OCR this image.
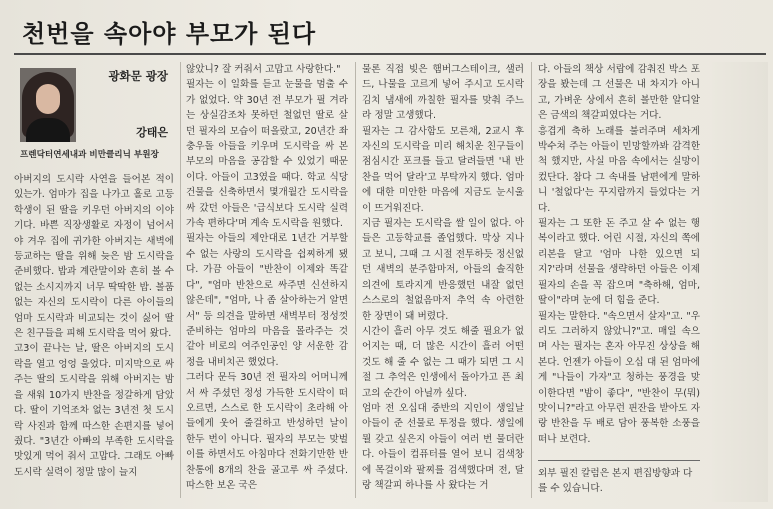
천번을 속아야 부모가 된다
광화문 광장
강태은
프렌닥터연세내과 비만클리닉 부원장

아버지의 도시락 사연을 들어본 적이 있는가. 엄마가 집을 나가고 홀로 고등학생이 된 딸을 키우던 아버지의 이야기다. 바쁜 직장생활로 자정이 넘어서야 겨우 집에 귀가한 아버지는 새벽에 등교하는 딸을 위해 늦은 밤 도시락을 준비했다. 밥과 계란말이와 흔히 볼 수 없는 소시지까지 너무 딱딱한 밥. 볼품없는 자신의 도시락이 다른 아이들의 엄마 도시락과 비교되는 것이 싫어 딸은 친구들을 피해 도시락을 먹어 왔다.
고3이 끝나는 날, 딸은 아버지의 도시락을 열고 엉엉 울었다. 미지막으로 싸 주는 딸의 도시락을 위해 아버지는 밤을 새워 10가지 반찬을 정갈하게 담았다. 딸이 기억조차 없는 3년전 첫 도시락 사진과 함께 따스한 손편지를 넣어줬다. "3년간 아빠의 부족한 도시락을 맛있게 먹어 줘서 고맙다. 그래도 아빠 도시락 실력이 정말 많이 늘지

않았니? 잘 커줘서 고맙고 사랑한다."
필자는 이 일화를 듣고 눈물을 멈출 수가 없었다. 약 30년 전 부모가 필 겨라는 상실감조차 못하던 철없던 딸로 살던 필자의 모습이 떠올랐고, 20년간 좌충우돌 아들을 키우며 도시락을 싸 본 부모의 마음을 공감할 수 있었기 때문이다. 아들이 고3였을 때다. 학교 식당건물을 신축하면서 몇개월간 도시락을 싸 갔던 아들은 '급식보다 도시락 실력 가속 편하다'며 계속 도시락을 원했다.
필자는 아들의 제안대로 1년간 거부할 수 없는 사랑의 도시락을 쉽찌하게 됐다. 가끔 아들이 "반찬이 이제와 똑같다", "엄마 반찬으로 싸주면 신선하지 않은데", "엄마, 나 좀 살아하는거 알면서" 등 의견을 말하면 새벽부터 정성껏 준비하는 엄마의 마음을 몰라주는 것 같아 비로의 여주인공인 양 서운한 감정을 내비치곤 했었다.
그러다 문득 30년 전 필자의 어머니께서 싸 주셨던 정성 가득한 도시락이 떠오르면, 스스로 한 도시락이 초라해 아들에게 웃어 줄걸하고 반성하던 날이 한두 번이 아니다. 필자의 부모는 맞벌이를 하면서도 아침마다 전화기만한 반찬통에 8개의 찬을 골고루 싸 주셨다. 따스한 보온 국은

물론 직접 빚은 햄버그스테이크, 샐러드, 나물을 고르게 넣어 주시고 도시락 김치 냄새에 까칠한 필자를 맞춰 주느라 정말 고생했다.
필자는 그 감사함도 모른채, 2교시 후 자신의 도시락을 미리 해치운 친구들이 점심시간 포크를 들고 달려들면 '내 반찬을 먹어 달라'고 부탁까지 했다. 엄마에 대한 미안한 마음에 지금도 눈시울이 뜨거워진다.
지금 필자는 도시락을 쌀 일이 없다. 아들은 고등학교를 졸업했다. 막상 지나고 보니, 그때 그 시절 전투하듯 정신없던 새벽의 분주함마저, 아들의 솔직한 의견에 토라지게 반응했던 내잘 없던 스스로의 철없음마저 추억 속 아련한 한 장면이 돼 버렸다.
시간이 흘러 아무 것도 해줄 필요가 없어지는 때, 더 많은 시간이 흘러 어떤 것도 해 줄 수 없는 그 때가 되면 그 시절 그 추억은 인생에서 돌아가고 픈 최고의 순간이 아닐까 싶다.
엄마 전 오십대 중반의 지인이 생일날 아들이 준 선물로 투정을 했다. 생일에 뭘 갖고 싶은지 아들이 여러 번 물더란다. 아들이 컴퓨터를 열어 보니 검색창에 목걸이와 팔찌를 검색했다며 전, 달랑 책갈피 하나를 사 왔다는 거

다. 아들의 책상 서랍에 감춰진 박스 포장을 봤는데 그 선물은 내 차지가 아니고, 가벼운 상에서 흔히 볼만한 알디알은 금색의 책갈피였다는 거다.
흥겹게 축하 노래를 불러주며 세차게 박수쳐 주는 아들이 민망할까봐 감격한 척 했지만, 사실 마음 속에서는 실망이 컸단다. 참다 그 속내를 남편에게 말하니 '철없다'는 꾸지람까지 들었다는 거다.
필자는 그 또한 돈 주고 살 수 없는 행복이라고 했다. 어린 시절, 자신의 쪽에 리본을 달고 '엄마 나한 있으면 되지?'라며 선물을 생략하던 아들은 이제 필자의 손을 꼭 잡으며 "축하해, 엄마, 딸이"라며 눈에 더 힘을 준다.
필자는 말한다. "속으면서 살자"고. "우리도 그러하지 않았니?"고. 매일 속으며 사는 필자는 혼자 아무진 상상을 해 본다. 언젠가 아들이 오십 대 된 엄마에게 "나들이 가자"고 청하는 풍경을 맞이한다면 "밤이 좋다", "반찬이 무(뭐) 맛이니?"라고 아무런 핀잔을 받아도 자랑 반찬을 두 배로 담아 풍복한 소풍을 떠나 보련다.

외부 필진 칼럼은 본지 편집방향과 다를 수 있습니다.
